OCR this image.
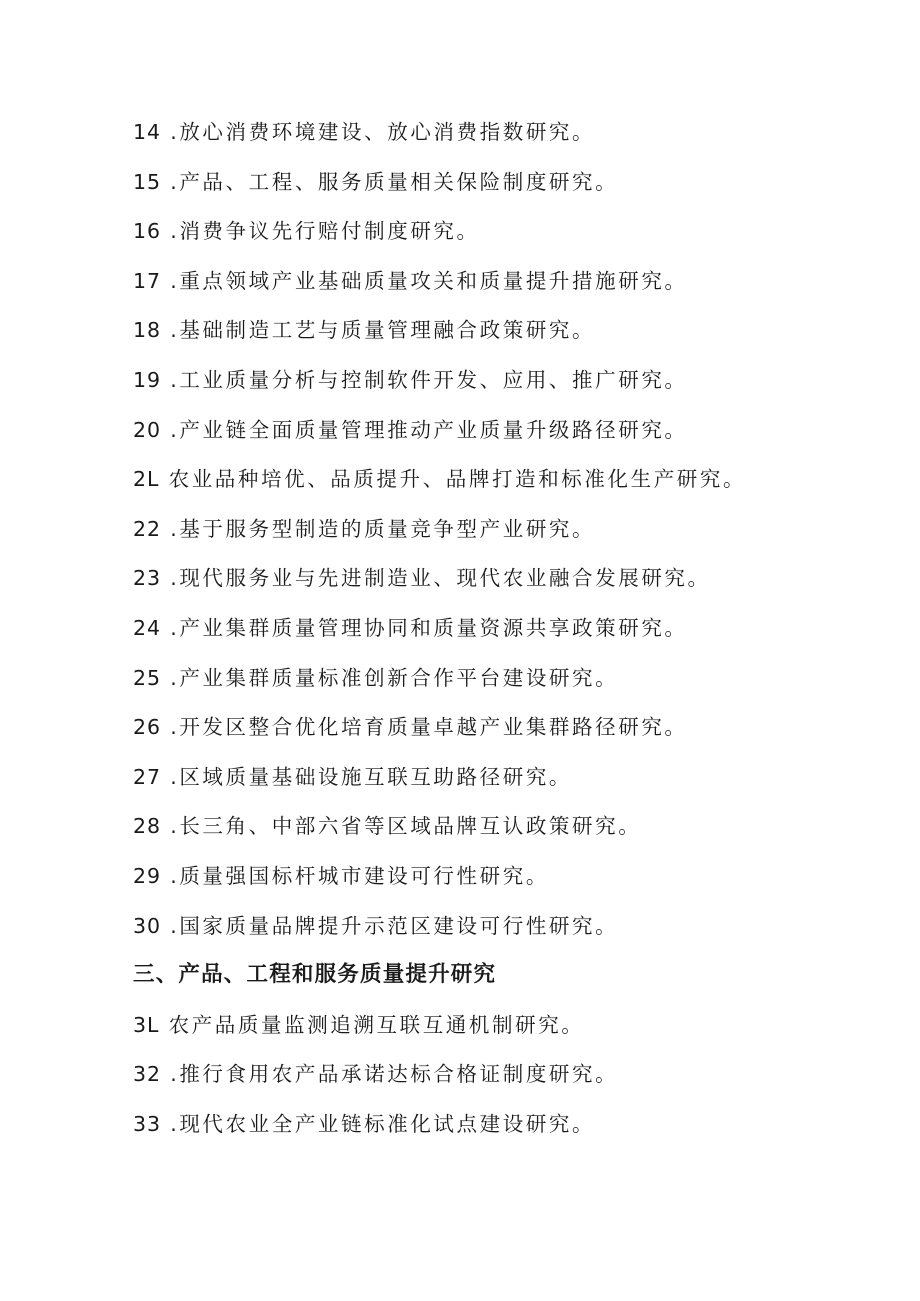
14 .放心消费环境建设、放心消费指数研究。
15 .产品、工程、服务质量相关保险制度研究。
16 .消费争议先行赔付制度研究。
17 .重点领域产业基础质量攻关和质量提升措施研究。
18 .基础制造工艺与质量管理融合政策研究。
19 .工业质量分析与控制软件开发、应用、推广研究。
20 .产业链全面质量管理推动产业质量升级路径研究。
2L 农业品种培优、品质提升、品牌打造和标准化生产研究。
22 .基于服务型制造的质量竞争型产业研究。
23 .现代服务业与先进制造业、现代农业融合发展研究。
24 .产业集群质量管理协同和质量资源共享政策研究。
25 .产业集群质量标准创新合作平台建设研究。
26 .开发区整合优化培育质量卓越产业集群路径研究。
27 .区域质量基础设施互联互助路径研究。
28 .长三角、中部六省等区域品牌互认政策研究。
29 .质量强国标杆城市建设可行性研究。
30 .国家质量品牌提升示范区建设可行性研究。
三、产品、工程和服务质量提升研究
3L 农产品质量监测追溯互联互通机制研究。
32 .推行食用农产品承诺达标合格证制度研究。
33 .现代农业全产业链标准化试点建设研究。
